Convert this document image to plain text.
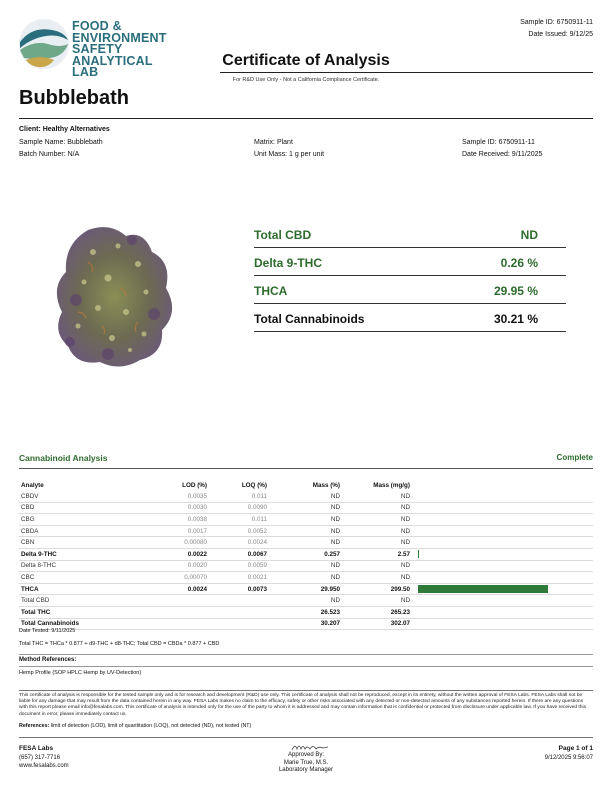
FOOD &
ENVIRONMENT
SAFETY
ANALYTICAL LAB
Sample ID: 6750911-11
Date Issued: 9/12/25
Certificate of Analysis
For R&D Use Only - Not a California Compliance Certificate.
Bubblebath
Client: Healthy Alternatives
Sample Name: Bubblebath
Batch Number: N/A
Matrix: Plant
Unit Mass: 1 g per unit
Sample ID: 6750911-11
Date Received: 9/11/2025
Total CBD	ND
Delta 9-THC	0.26 %
THCA	29.95 %
Total Cannabinoids	30.21 %
Cannabinoid Analysis	Complete
Analyte	LOD (%)	LOQ (%)	Mass (%)	Mass (mg/g)	
CBDV	0.0035	0.011	ND	ND	
CBD	0.0030	0.0090	ND	ND	
CBG	0.0038	0.011	ND	ND	
CBDA	0.0017	0.0052	ND	ND	
CBN	0.00080	0.0024	ND	ND	
Delta 9-THC	0.0022	0.0067	0.257	2.57	
Delta 8-THC	0.0020	0.0059	ND	ND	
CBC	0.00070	0.0021	ND	ND	
THCA	0.0024	0.0073	29.950	299.50	
Total CBD			ND	ND	
Total THC			26.523	265.23	
Total Cannabinoids			30.207	302.07	
Date Tested: 9/11/2025
Total THC = THCa * 0.877 + d9-THC + d8-THC; Total CBD = CBDa * 0.877 + CBD
Method References:
Hemp Profile (SOP HPLC Hemp by UV-Detection)
This certificate of analysis is responsible for the tested sample only and is for research and development (R&D) use only. This certificate of analysis shall not be reproduced, except in its entirety, without the written approval of FESA Labs. FESA Labs shall not be liable for any damage that may result from the data contained herein in any way. FESA Labs makes no claim to the efficacy, safety or other risks associated with any detected or non-detected amounts of any substances reported herein. If there are any questions with this report please email info@fesalabs.com. This certificate of analysis is intended only for the use of the party to whom it is addressed and may contain information that is confidential or protected from disclosure under applicable law. If you have received this document in error, please immediately contact us.
References: limit of detection (LOD), limit of quantitation (LOQ), not detected (ND), not tested (NT)
FESA Labs
(657) 317-7716
www.fesalabs.com
Approved By:
Marie True, M.S.
Laboratory Manager
Page 1 of 1
9/12/2025 9:56:07
